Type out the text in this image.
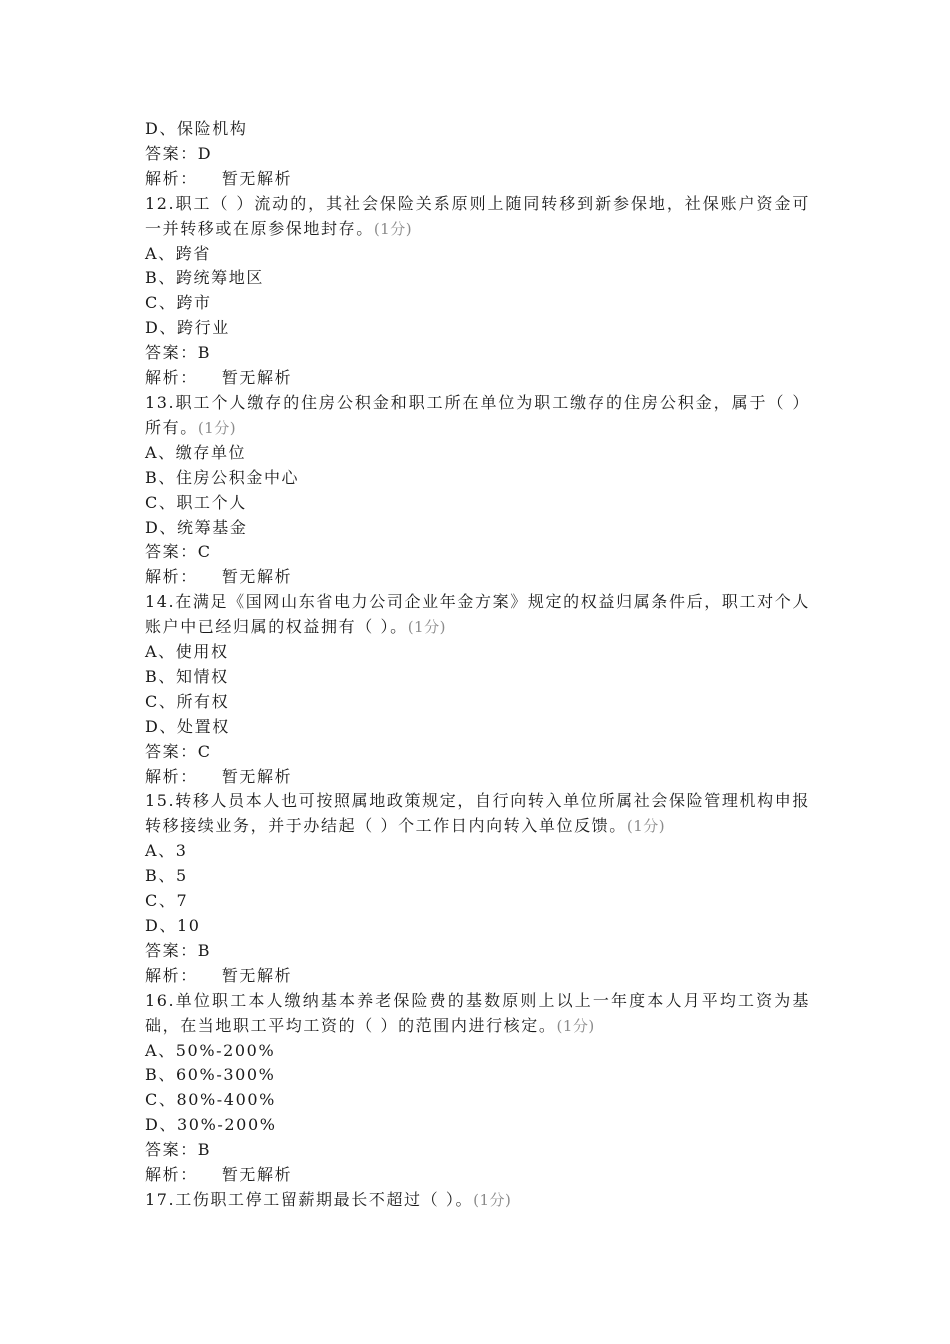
D、保险机构
答案：D
解析： 暂无解析
12.职工（ ）流动的，其社会保险关系原则上随同转移到新参保地，社保账户资金可一并转移或在原参保地封存。(1分)
A、跨省
B、跨统筹地区
C、跨市
D、跨行业
答案：B
解析： 暂无解析
13.职工个人缴存的住房公积金和职工所在单位为职工缴存的住房公积金，属于（ ）所有。(1分)
A、缴存单位
B、住房公积金中心
C、职工个人
D、统筹基金
答案：C
解析： 暂无解析
14.在满足《国网山东省电力公司企业年金方案》规定的权益归属条件后，职工对个人账户中已经归属的权益拥有（ ）。(1分)
A、使用权
B、知情权
C、所有权
D、处置权
答案：C
解析： 暂无解析
15.转移人员本人也可按照属地政策规定，自行向转入单位所属社会保险管理机构申报转移接续业务，并于办结起（ ）个工作日内向转入单位反馈。(1分)
A、3
B、5
C、7
D、10
答案：B
解析： 暂无解析
16.单位职工本人缴纳基本养老保险费的基数原则上以上一年度本人月平均工资为基础，在当地职工平均工资的（ ）的范围内进行核定。(1分)
A、50%-200%
B、60%-300%
C、80%-400%
D、30%-200%
答案：B
解析： 暂无解析
17.工伤职工停工留薪期最长不超过（ ）。(1分)
